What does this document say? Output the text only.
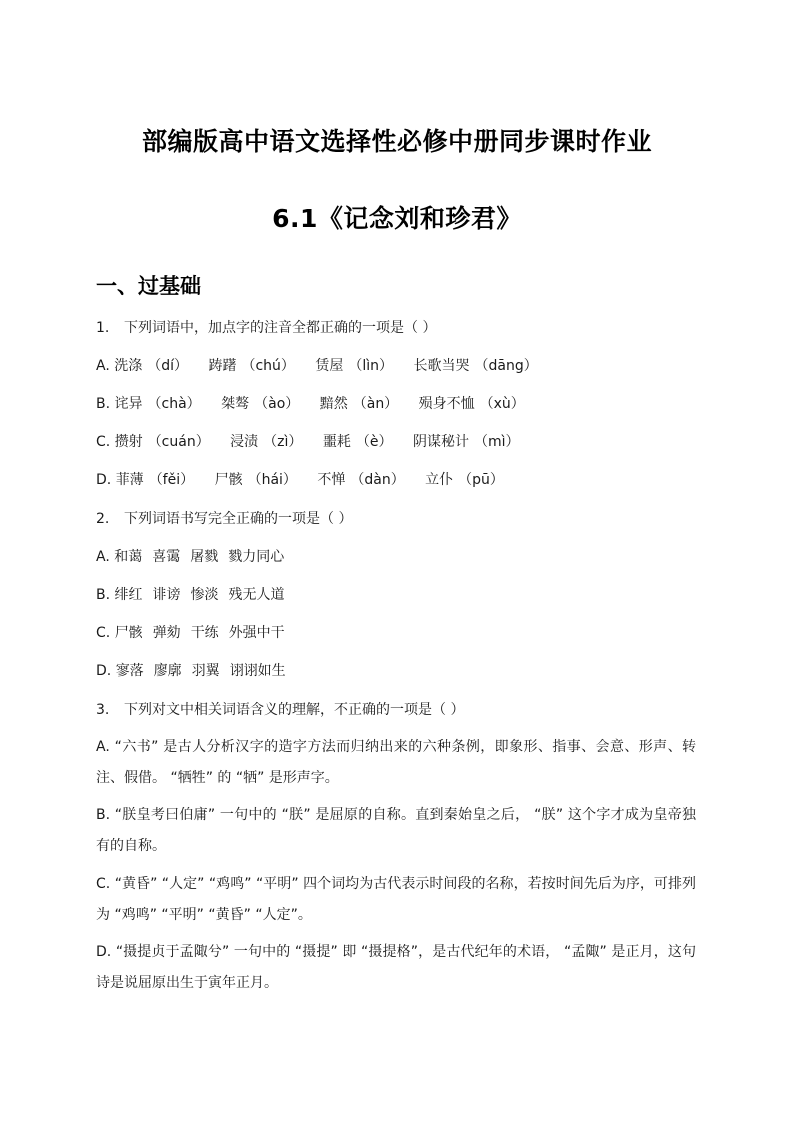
部编版高中语文选择性必修中册同步课时作业
6.1《记念刘和珍君》
一、过基础
1. 下列词语中，加点字的注音全都正确的一项是（ ）
A. 洗涤 （dí） 踌躇 （chú） 赁屋 （lìn） 长歌当哭 （dāng）
B. 诧异 （chà） 桀骜 （ào） 黯然 （àn） 殒身不恤 （xù）
C. 攒射 （cuán） 浸渍 （zì） 噩耗 （è） 阴谋秘计 （mì）
D. 菲薄 （fěi） 尸骸 （hái） 不惮 （dàn） 立仆 （pū）
2. 下列词语书写完全正确的一项是（ ）
A. 和蔼 喜霭 屠戮 戮力同心
B. 绯红 诽谤 惨淡 残无人道
C. 尸骸 弹劾 干练 外强中干
D. 寥落 廖廓 羽翼 诩诩如生
3. 下列对文中相关词语含义的理解，不正确的一项是（ ）
A. “六书” 是古人分析汉字的造字方法而归纳出来的六种条例，即象形、指事、会意、形声、转注、假借。 “牺牲” 的 “牺” 是形声字。
B. “朕皇考曰伯庸” 一句中的 “朕” 是屈原的自称。直到秦始皇之后， “朕” 这个字才成为皇帝独有的自称。
C. “黄昏” “人定” “鸡鸣” “平明” 四个词均为古代表示时间段的名称，若按时间先后为序，可排列为 “鸡鸣” “平明” “黄昏” “人定”。
D. “摄提贞于孟陬兮” 一句中的 “摄提” 即 “摄提格”，是古代纪年的术语， “孟陬” 是正月，这句诗是说屈原出生于寅年正月。
